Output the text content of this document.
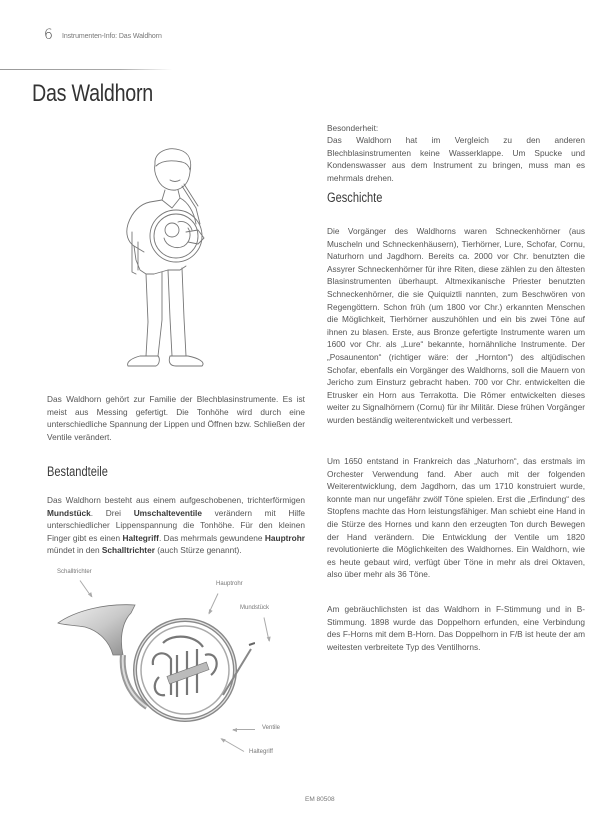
6 Instrumenten-Info: Das Waldhorn
Das Waldhorn
Das Waldhorn gehört zur Familie der Blechblasinstrumente. Es ist meist aus Messing gefertigt. Die Tonhöhe wird durch eine unterschiedliche Spannung der Lippen und Öffnen bzw. Schließen der Ventile verändert.
Bestandteile
Das Waldhorn besteht aus einem aufgeschobenen, trichterförmigen Mundstück. Drei Umschalteventile verändern mit Hilfe unterschiedlicher Lippenspannung die Tonhöhe. Für den kleinen Finger gibt es einen Haltegriff. Das mehrmals gewundene Hauptrohr mündet in den Schalltrichter (auch Stürze genannt).
Schalltrichter
Hauptrohr
Mundstück
Ventile
Haltegriff
Besonderheit:
Das Waldhorn hat im Vergleich zu den anderen Blechblasinstrumenten keine Wasserklappe. Um Spucke und Kondenswasser aus dem Instrument zu bringen, muss man es mehrmals drehen.
Geschichte
Die Vorgänger des Waldhorns waren Schneckenhörner (aus Muscheln und Schneckenhäusern), Tierhörner, Lure, Schofar, Cornu, Naturhorn und Jagdhorn. Bereits ca. 2000 vor Chr. benutzten die Assyrer Schneckenhörner für ihre Riten, diese zählen zu den ältesten Blasinstrumenten überhaupt. Altmexikanische Priester benutzten Schneckenhörner, die sie Quiquiztli nannten, zum Beschwören von Regengöttern. Schon früh (um 1800 vor Chr.) erkannten Menschen die Möglichkeit, Tierhörner auszuhöhlen und ein bis zwei Töne auf ihnen zu blasen. Erste, aus Bronze gefertigte Instrumente waren um 1600 vor Chr. als „Lure“ bekannte, hornähnliche Instrumente. Der „Posaunenton“ (richtiger wäre: der „Hornton“) des altjüdischen Schofar, ebenfalls ein Vorgänger des Waldhorns, soll die Mauern von Jericho zum Einsturz gebracht haben. 700 vor Chr. entwickelten die Etrusker ein Horn aus Terrakotta. Die Römer entwickelten dieses weiter zu Signalhörnern (Cornu) für ihr Militär. Diese frühen Vorgänger wurden beständig weiterentwickelt und verbessert.
Um 1650 entstand in Frankreich das „Naturhorn“, das erstmals im Orchester Verwendung fand. Aber auch mit der folgenden Weiterentwicklung, dem Jagdhorn, das um 1710 konstruiert wurde, konnte man nur ungefähr zwölf Töne spielen. Erst die „Erfindung“ des Stopfens machte das Horn leistungsfähiger. Man schiebt eine Hand in die Stürze des Hornes und kann den erzeugten Ton durch Bewegen der Hand verändern. Die Entwicklung der Ventile um 1820 revolutionierte die Möglichkeiten des Waldhornes. Ein Waldhorn, wie es heute gebaut wird, verfügt über Töne in mehr als drei Oktaven, also über mehr als 36 Töne.
Am gebräuchlichsten ist das Waldhorn in F-Stimmung und in B-Stimmung. 1898 wurde das Doppelhorn erfunden, eine Verbindung des F-Horns mit dem B-Horn. Das Doppelhorn in F/B ist heute der am weitesten verbreitete Typ des Ventilhorns.
EM 80508
